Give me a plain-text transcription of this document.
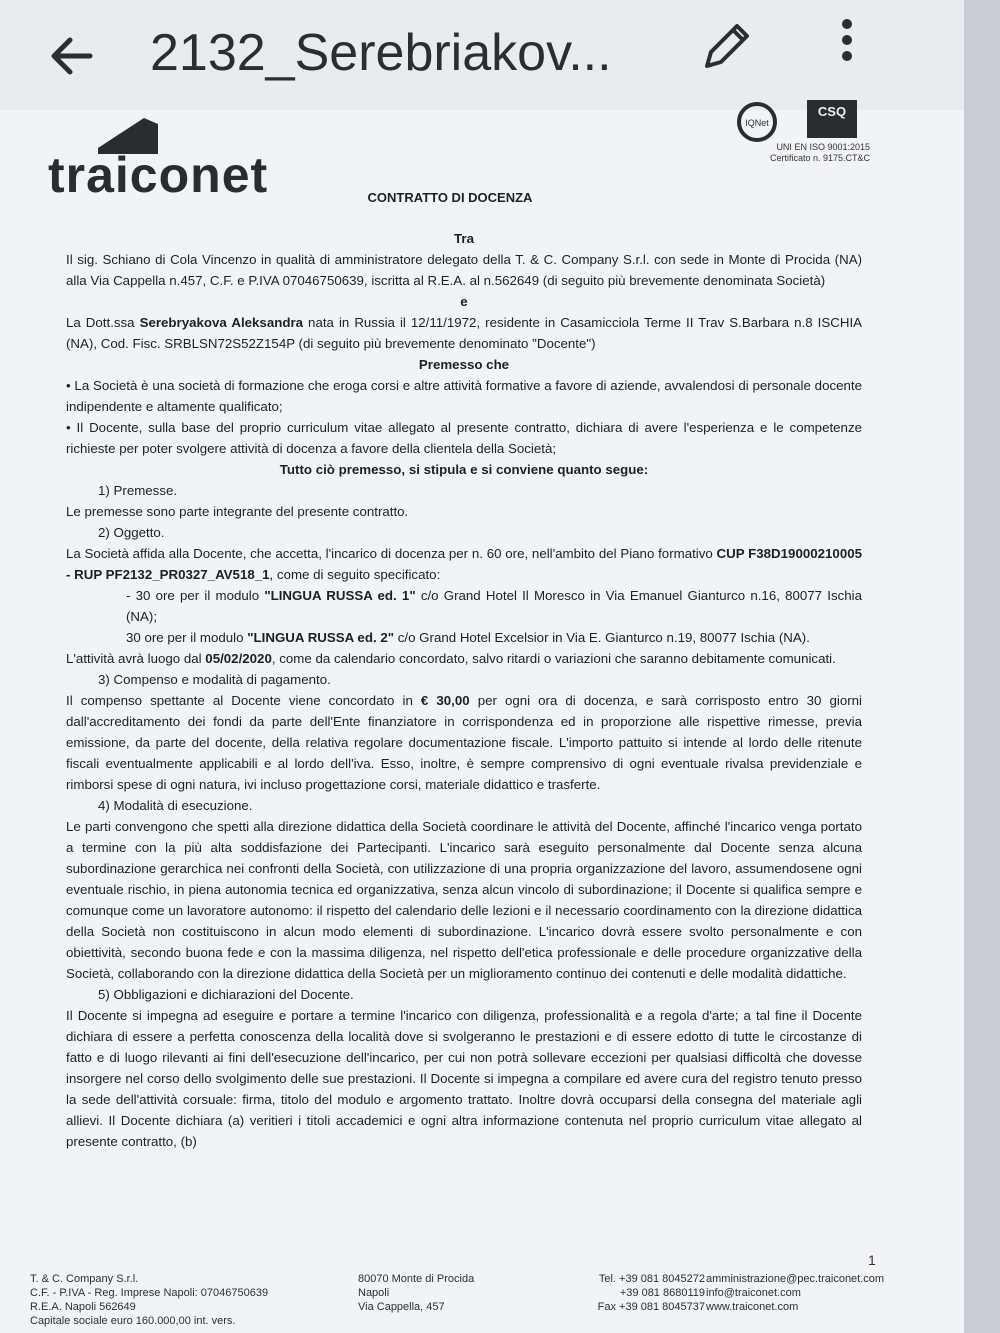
2132_Serebriakov...
traiconet
IQNet
CSQ
UNI EN ISO 9001:2015
Certificato n. 9175.CT&C
CONTRATTO DI DOCENZA

Tra

Il sig. Schiano di Cola Vincenzo in qualità di amministratore delegato della T. & C. Company S.r.l. con sede in Monte di Procida (NA) alla Via Cappella n.457, C.F. e P.IVA 07046750639, iscritta al R.E.A. al n.562649 (di seguito più brevemente denominata Società)

e

La Dott.ssa Serebryakova Aleksandra nata in Russia il 12/11/1972, residente in Casamicciola Terme II Trav S.Barbara n.8 ISCHIA (NA), Cod. Fisc. SRBLSN72S52Z154P (di seguito più brevemente denominato "Docente")

Premesso che

• La Società è una società di formazione che eroga corsi e altre attività formative a favore di aziende, avvalendosi di personale docente indipendente e altamente qualificato;

• Il Docente, sulla base del proprio curriculum vitae allegato al presente contratto, dichiara di avere l'esperienza e le competenze richieste per poter svolgere attività di docenza a favore della clientela della Società;

Tutto ciò premesso, si stipula e si conviene quanto segue:

1) Premesse.

Le premesse sono parte integrante del presente contratto.

2) Oggetto.

La Società affida alla Docente, che accetta, l'incarico di docenza per n. 60 ore, nell'ambito del Piano formativo CUP F38D19000210005 - RUP PF2132_PR0327_AV518_1, come di seguito specificato:

- 30 ore per il modulo "LINGUA RUSSA ed. 1" c/o Grand Hotel Il Moresco in Via Emanuel Gianturco n.16, 80077 Ischia (NA);

30 ore per il modulo "LINGUA RUSSA ed. 2" c/o Grand Hotel Excelsior in Via E. Gianturco n.19, 80077 Ischia (NA).

L'attività avrà luogo dal 05/02/2020, come da calendario concordato, salvo ritardi o variazioni che saranno debitamente comunicati.

3) Compenso e modalità di pagamento.

Il compenso spettante al Docente viene concordato in € 30,00 per ogni ora di docenza, e sarà corrisposto entro 30 giorni dall'accreditamento dei fondi da parte dell'Ente finanziatore in corrispondenza ed in proporzione alle rispettive rimesse, previa emissione, da parte del docente, della relativa regolare documentazione fiscale. L'importo pattuito si intende al lordo delle ritenute fiscali eventualmente applicabili e al lordo dell'iva. Esso, inoltre, è sempre comprensivo di ogni eventuale rivalsa previdenziale e rimborsi spese di ogni natura, ivi incluso progettazione corsi, materiale didattico e trasferte.

4) Modalità di esecuzione.

Le parti convengono che spetti alla direzione didattica della Società coordinare le attività del Docente, affinché l'incarico venga portato a termine con la più alta soddisfazione dei Partecipanti. L'incarico sarà eseguito personalmente dal Docente senza alcuna subordinazione gerarchica nei confronti della Società, con utilizzazione di una propria organizzazione del lavoro, assumendosene ogni eventuale rischio, in piena autonomia tecnica ed organizzativa, senza alcun vincolo di subordinazione; il Docente si qualifica sempre e comunque come un lavoratore autonomo: il rispetto del calendario delle lezioni e il necessario coordinamento con la direzione didattica della Società non costituiscono in alcun modo elementi di subordinazione. L'incarico dovrà essere svolto personalmente e con obiettività, secondo buona fede e con la massima diligenza, nel rispetto dell'etica professionale e delle procedure organizzative della Società, collaborando con la direzione didattica della Società per un miglioramento continuo dei contenuti e delle modalità didattiche.

5) Obbligazioni e dichiarazioni del Docente.

Il Docente si impegna ad eseguire e portare a termine l'incarico con diligenza, professionalità e a regola d'arte; a tal fine il Docente dichiara di essere a perfetta conoscenza della località dove si svolgeranno le prestazioni e di essere edotto di tutte le circostanze di fatto e di luogo rilevanti ai fini dell'esecuzione dell'incarico, per cui non potrà sollevare eccezioni per qualsiasi difficoltà che dovesse insorgere nel corso dello svolgimento delle sue prestazioni. Il Docente si impegna a compilare ed avere cura del registro tenuto presso la sede dell'attività corsuale: firma, titolo del modulo e argomento trattato. Inoltre dovrà occuparsi della consegna del materiale agli allievi. Il Docente dichiara (a) veritieri i titoli accademici e ogni altra informazione contenuta nel proprio curriculum vitae allegato al presente contratto, (b)

1
T. & C. Company S.r.l.
C.F. - P.IVA - Reg. Imprese Napoli: 07046750639
R.E.A. Napoli 562649
Capitale sociale euro 160.000,00 int. vers.
80070 Monte di Procida
Napoli
Via Cappella, 457
Tel. +39 081 8045272
+39 081 8680119
Fax +39 081 8045737
amministrazione@pec.traiconet.com
info@traiconet.com
www.traiconet.com
